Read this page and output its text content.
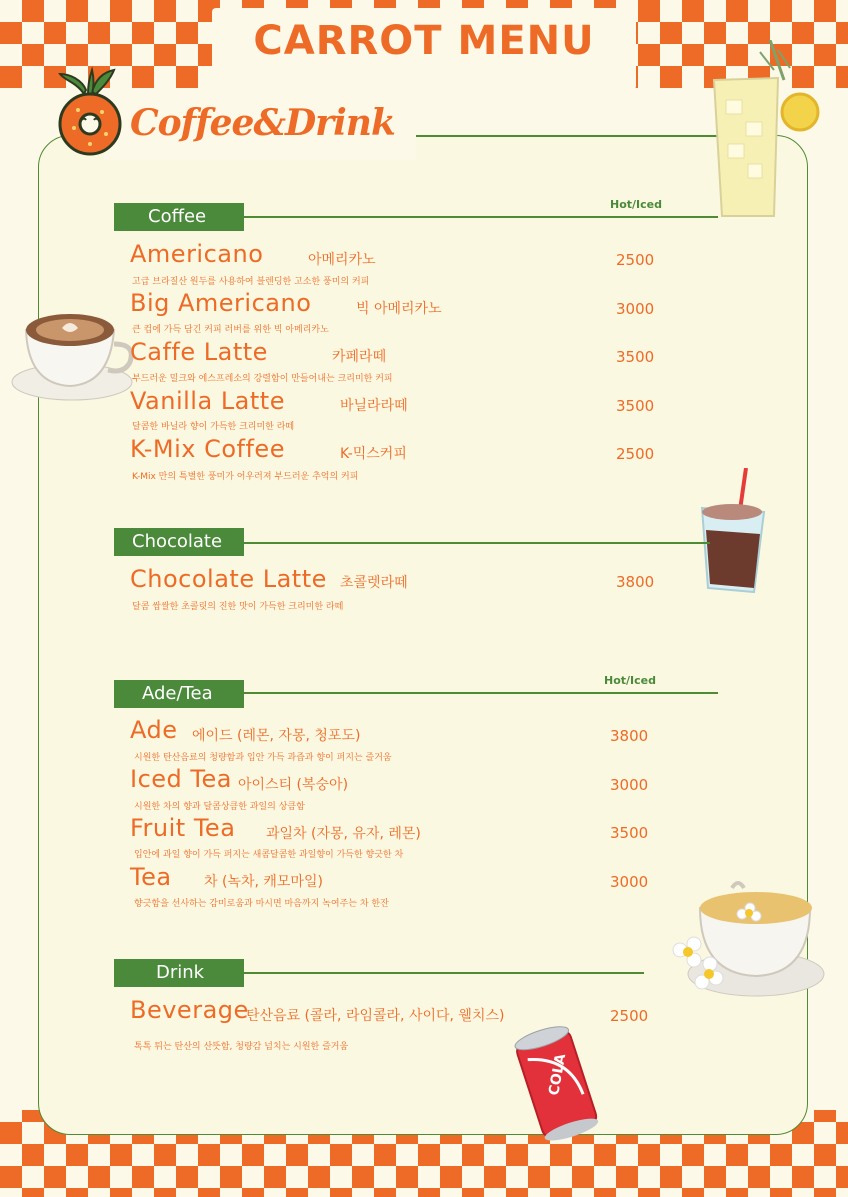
CARROT MENU
Coffee&Drink
COLA
Coffee
Hot/Iced
Americano	아메리카노
고급 브라질산 원두를 사용하여 블렌딩한 고소한 풍미의 커피
2500
Big Americano	빅 아메리카노
큰 컵에 가득 담긴 커피 러버를 위한 빅 아메리카노
3000
Caffe Latte	카페라떼
부드러운 밀크와 에스프레소의 강렬함이 만들어내는 크리미한 커피
3500
Vanilla Latte	바닐라라떼
달콤한 바닐라 향이 가득한 크리미한 라떼
3500
K-Mix Coffee	K-믹스커피
K-Mix 만의 특별한 풍미가 어우러져 부드러운 추억의 커피
2500
Chocolate
Chocolate Latte 초콜렛라떼
달콤 쌉쌀한 초콜릿의 진한 맛이 가득한 크리미한 라떼
3800
Ade/Tea
Hot/Iced
Ade 에이드 (레몬, 자몽, 청포도)
시원한 탄산음료의 청량함과 입안 가득 과즙과 향이 퍼지는 즐거움
3800
Iced Tea 아이스티 (복숭아)
시원한 차의 향과 달콤상큼한 과일의 상큼함
3000
Fruit Tea 과일차 (자몽, 유자, 레몬)
입안에 과일 향이 가득 퍼지는 새콤달콤한 과일향이 가득한 향긋한 차
3500
Tea 차 (녹차, 캐모마일)
향긋함을 선사하는 감미로움과 마시면 마음까지 녹여주는 차 한잔
3000
Drink
Beverage
탄산음료 (콜라, 라임콜라, 사이다, 웰치스)
톡톡 튀는 탄산의 산뜻함, 청량감 넘치는 시원한 즐거움
2500
